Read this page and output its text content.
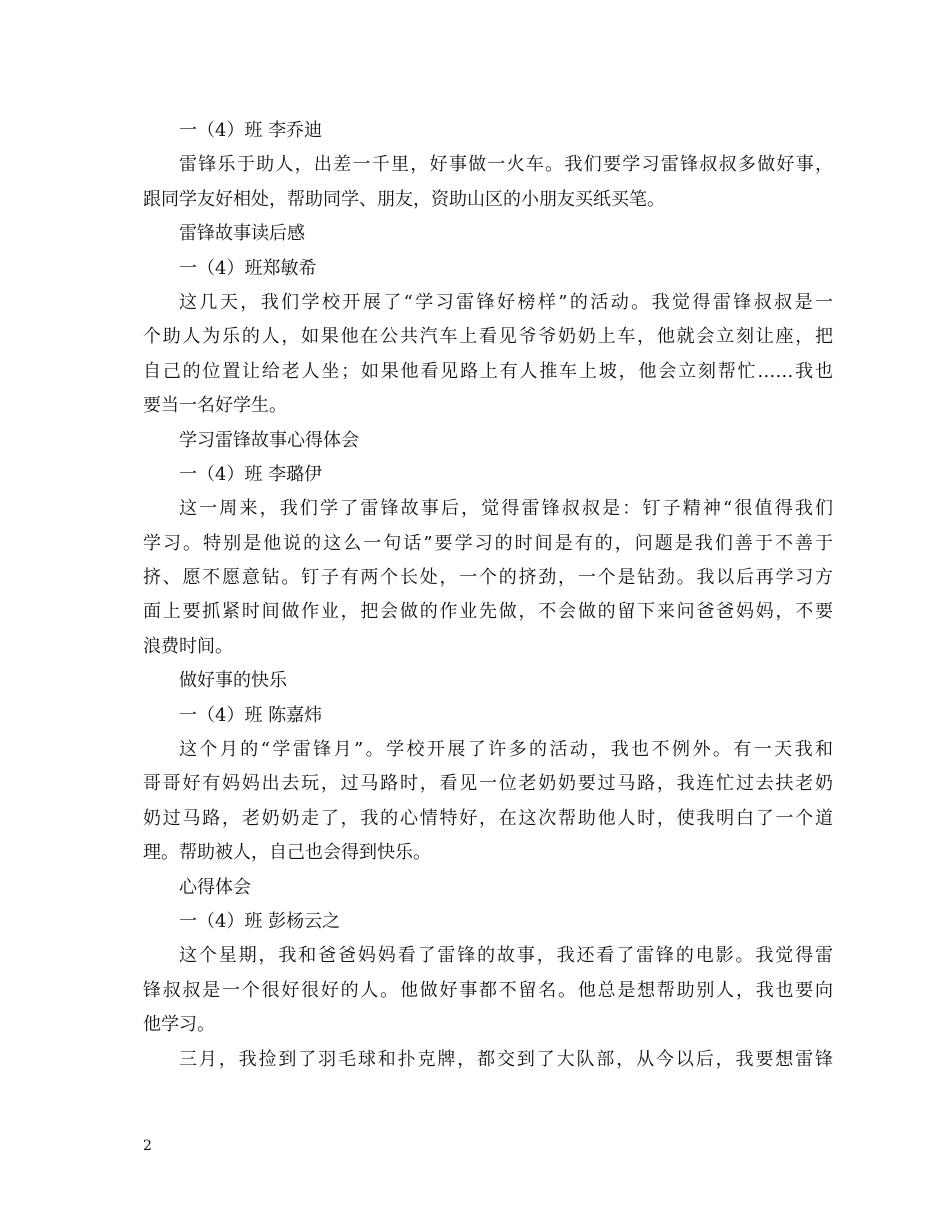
一（4）班 李乔迪
雷锋乐于助人，出差一千里，好事做一火车。我们要学习雷锋叔叔多做好事，
跟同学友好相处，帮助同学、朋友，资助山区的小朋友买纸买笔。
雷锋故事读后感
一（4）班郑敏希
这几天，我们学校开展了“学习雷锋好榜样”的活动。我觉得雷锋叔叔是一
个助人为乐的人，如果他在公共汽车上看见爷爷奶奶上车，他就会立刻让座，把
自己的位置让给老人坐；如果他看见路上有人推车上坡，他会立刻帮忙……我也
要当一名好学生。
学习雷锋故事心得体会
一（4）班 李璐伊
这一周来，我们学了雷锋故事后，觉得雷锋叔叔是：钉子精神“很值得我们
学习。特别是他说的这么一句话”要学习的时间是有的，问题是我们善于不善于
挤、愿不愿意钻。钉子有两个长处，一个的挤劲，一个是钻劲。我以后再学习方
面上要抓紧时间做作业，把会做的作业先做，不会做的留下来问爸爸妈妈，不要
浪费时间。
做好事的快乐
一（4）班 陈嘉炜
这个月的“学雷锋月”。学校开展了许多的活动，我也不例外。有一天我和
哥哥好有妈妈出去玩，过马路时，看见一位老奶奶要过马路，我连忙过去扶老奶
奶过马路，老奶奶走了，我的心情特好，在这次帮助他人时，使我明白了一个道
理。帮助被人，自己也会得到快乐。
心得体会
一（4）班 彭杨云之
这个星期，我和爸爸妈妈看了雷锋的故事，我还看了雷锋的电影。我觉得雷
锋叔叔是一个很好很好的人。他做好事都不留名。他总是想帮助别人，我也要向
他学习。
三月，我捡到了羽毛球和扑克牌，都交到了大队部，从今以后，我要想雷锋
2
